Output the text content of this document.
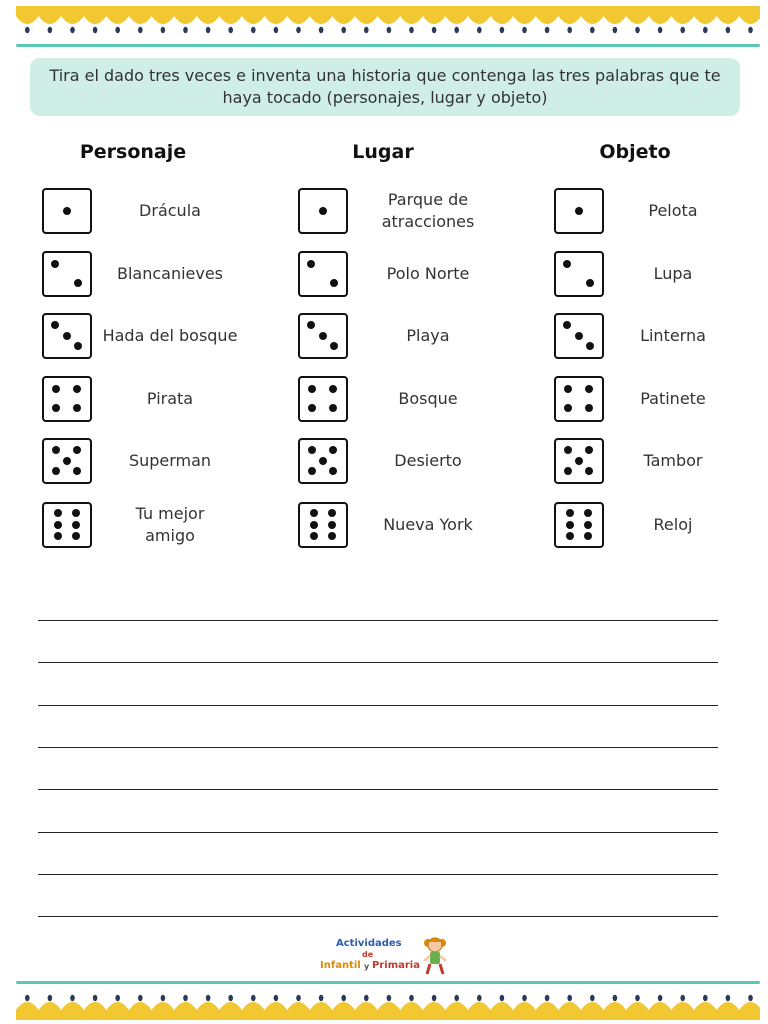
Tira el dado tres veces e inventa una historia que contenga las tres palabras que te haya tocado (personajes, lugar y objeto)
Personaje	Lugar	Objeto
Drácula
Blancanieves
Hada del bosque
Pirata
Superman
Tu mejor
amigo
Parque de
atracciones
Polo Norte
Playa
Bosque
Desierto
Nueva York
Pelota
Lupa
Linterna
Patinete
Tambor
Reloj
Actividades
de
Infantil y Primaria
